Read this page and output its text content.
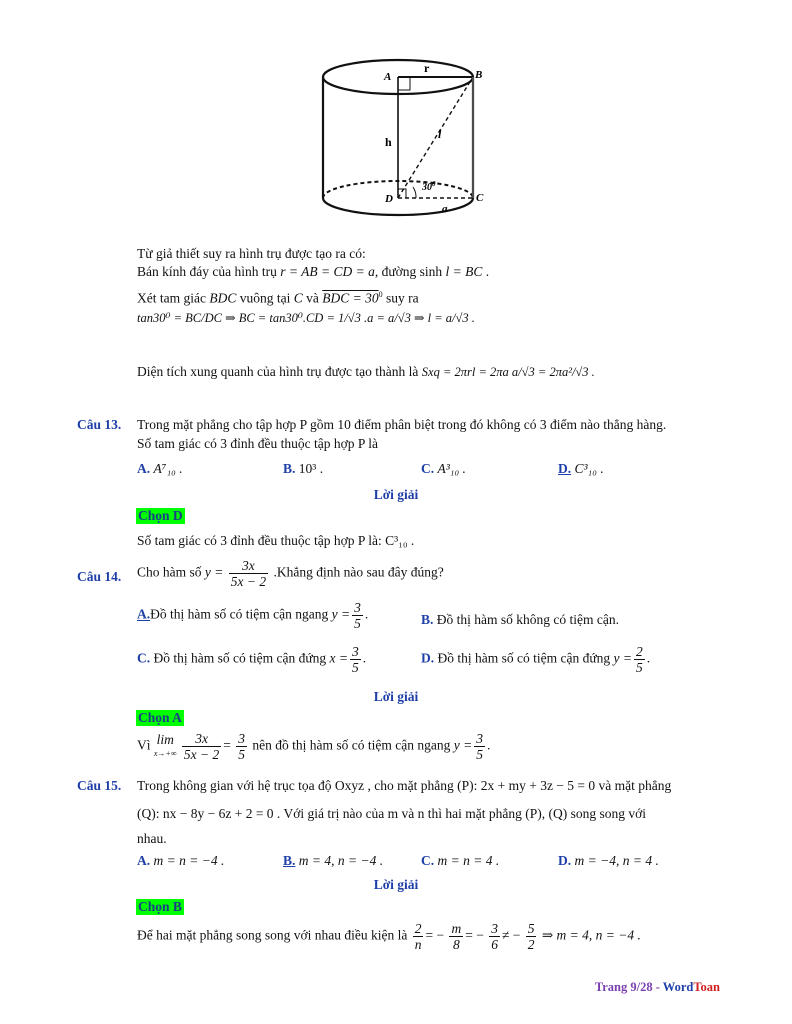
A
r	B
h
l
$30^0$
D	C
a
Từ giả thiết suy ra hình trụ được tạo ra có:
Bán kính đáy của hình trụ r = AB = CD = a, đường sinh l = BC .
Xét tam giác BDC vuông tại C và BDC = $30^0$ suy ra
tan30⁰ = BC/DC ⇒ BC = tan30⁰.CD = 1/√3 .a = a/√3 ⇒ l = a/√3 .
Diện tích xung quanh của hình trụ được tạo thành là Sxq = 2πrl = 2πa a/√3 = 2πa²/√3 .
Câu 13. Trong mặt phẳng cho tập hợp P gồm 10 điểm phân biệt trong đó không có 3 điểm nào thẳng hàng.
Số tam giác có 3 đỉnh đều thuộc tập hợp P là
A. A⁷₁₀ .	B. 10³ .	C. A³₁₀ .	D. C³₁₀ .
Lời giải
Chọn D
Số tam giác có 3 đỉnh đều thuộc tập hợp P là: C³₁₀ .
Câu 14. Cho hàm số $y = \frac{3x}{5x - 2}$ .Khẳng định nào sau đây đúng?
A.Đồ thị hàm số có tiệm cận ngang $y = \frac{3}{5}$ .	B. Đồ thị hàm số không có tiệm cận.
C. Đồ thị hàm số có tiệm cận đứng $x = \frac{3}{5}$ .	D. Đồ thị hàm số có tiệm cận đứng $y = \frac{2}{5}$ .
Lời giải
Chọn A
Vì lim
$x\to+\infty \frac{3x}{5x - 2} = \frac{3}{5}$ nên đồ thị hàm số có tiệm cận ngang $y = \frac{3}{5}$ .
Câu 15. Trong không gian với hệ trục tọa độ Oxyz , cho mặt phẳng (P): 2x + my + 3z − 5 = 0 và mặt phẳng
(Q): nx − 8y − 6z + 2 = 0 . Với giá trị nào của m và n thì hai mặt phẳng (P), (Q) song song với
nhau.
A. m = n = −4 .	B. m = 4, n = −4 .	C. m = n = 4 .	D. m = −4, n = 4 .
Lời giải
Chọn B
Để hai mặt phẳng song song với nhau điều kiện là $\frac{2}{n}$ = − $\frac{m}{8}$ = − $\frac{3}{6}$ ≠ − $\frac{5}{2}$ ⇒ m = 4, n = −4 .
Trang 9/28 - WordToan
